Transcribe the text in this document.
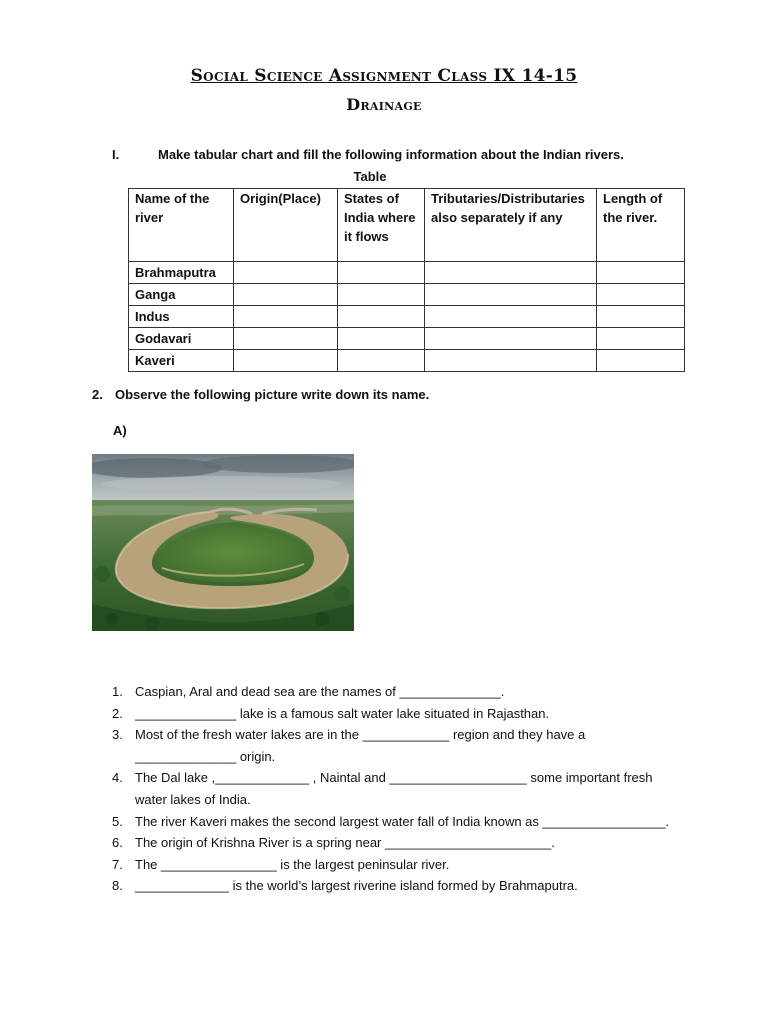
Social Science Assignment Class IX 14-15
Drainage
I.	Make tabular chart and fill the following information about the Indian rivers.
Table
Name of the river	Origin(Place)	States of India where it flows	Tributaries/Distributaries also separately if any	Length of the river.
Brahmaputra				
Ganga				
Indus				
Godavari				
Kaveri				
2. Observe the following picture write down its name.
A)
1. Caspian, Aral and dead sea are the names of ______________.
2. ______________ lake is a famous salt water lake situated in Rajasthan.
3. Most of the fresh water lakes are in the ____________ region and they have a ______________ origin.
4. The Dal lake ,_____________ , Naintal and ___________________ some important fresh water lakes of India.
5. The river Kaveri makes the second largest water fall of India known as _________________.
6. The origin of Krishna River is a spring near _______________________.
7. The ________________ is the largest peninsular river.
8. _____________ is the world’s largest riverine island formed by Brahmaputra.
